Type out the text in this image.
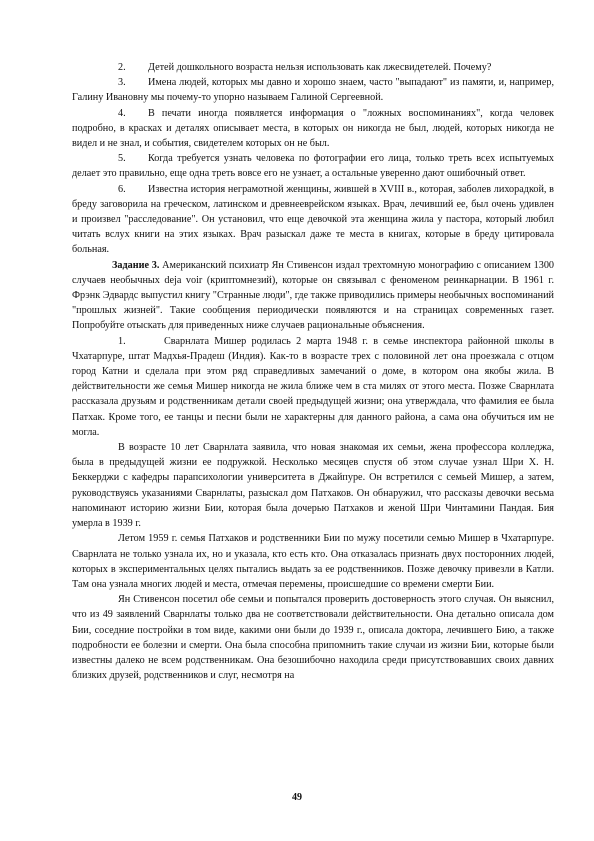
2. Детей дошкольного возраста нельзя использовать как лжесвидетелей. Почему?

3. Имена людей, которых мы давно и хорошо знаем, часто "выпадают" из памяти, и, например, Галину Ивановну мы почему-то упорно называем Галиной Сергеевной.

4. В печати иногда появляется информация о "ложных воспоминаниях", когда человек подробно, в красках и деталях описывает места, в которых он никогда не был, людей, которых никогда не видел и не знал, и события, свидетелем которых он не был.

5. Когда требуется узнать человека по фотографии его лица, только треть всех испытуемых делает это правильно, еще одна треть вовсе его не узнает, а остальные уверенно дают ошибочный ответ.

6. Известна история неграмотной женщины, жившей в XVIII в., которая, заболев лихорадкой, в бреду заговорила на греческом, латинском и древнееврейском языках. Врач, лечивший ее, был очень удивлен и произвел "расследование". Он установил, что еще девочкой эта женщина жила у пастора, который любил читать вслух книги на этих языках. Врач разыскал даже те места в книгах, которые в бреду цитировала больная.

Задание 3. Американский психиатр Ян Стивенсон издал трехтомную монографию с описанием 1300 случаев необычных deja voir (криптомнезий), которые он связывал с феноменом реинкарнации. В 1961 г. Фрэнк Эдвардс выпустил книгу "Странные люди", где также приводились примеры необычных воспоминаний "прошлых жизней". Такие сообщения периодически появляются и на страницах современных газет. Попробуйте отыскать для приведенных ниже случаев рациональные объяснения.

1.	Сварнлата Мишер родилась 2 марта 1948 г. в семье инспектора районной школы в Чхатарпуре, штат Мадхья-Прадеш (Индия). Как-то в возрасте трех с половиной лет она проезжала с отцом город Катни и сделала при этом ряд справедливых замечаний о доме, в котором она якобы жила. В действительности же семья Мишер никогда не жила ближе чем в ста милях от этого места. Позже Сварнлата рассказала друзьям и родственникам детали своей предыдущей жизни; она утверждала, что фамилия ее была Патхак. Кроме того, ее танцы и песни были не характерны для данного района, а сама она обучиться им не могла.

В возрасте 10 лет Сварнлата заявила, что новая знакомая их семьи, жена профессора колледжа, была в предыдущей жизни ее подружкой. Несколько месяцев спустя об этом случае узнал Шри Х. Н. Беккерджи с кафедры парапсихологии университета в Джайпуре. Он встретился с семьей Мишер, а затем, руководствуясь указаниями Сварнлаты, разыскал дом Патхаков. Он обнаружил, что рассказы девочки весьма напоминают историю жизни Бии, которая была дочерью Патхаков и женой Шри Чинтамини Пандая. Бия умерла в 1939 г.

Летом 1959 г. семья Патхаков и родственники Бии по мужу посетили семью Мишер в Чхатарпуре. Сварнлата не только узнала их, но и указала, кто есть кто. Она отказалась признать двух посторонних людей, которых в экспериментальных целях пытались выдать за ее родственников. Позже девочку привезли в Катли. Там она узнала многих людей и места, отмечая перемены, происшедшие со времени смерти Бии.

Ян Стивенсон посетил обе семьи и попытался проверить достоверность этого случая. Он выяснил, что из 49 заявлений Сварнлаты только два не соответствовали действительности. Она детально описала дом Бии, соседние постройки в том виде, какими они были до 1939 г., описала доктора, лечившего Бию, а также подробности ее болезни и смерти. Она была способна припомнить такие случаи из жизни Бии, которые были известны далеко не всем родственникам. Она безошибочно находила среди присутствовавших своих давних близких друзей, родственников и слуг, несмотря на

49
